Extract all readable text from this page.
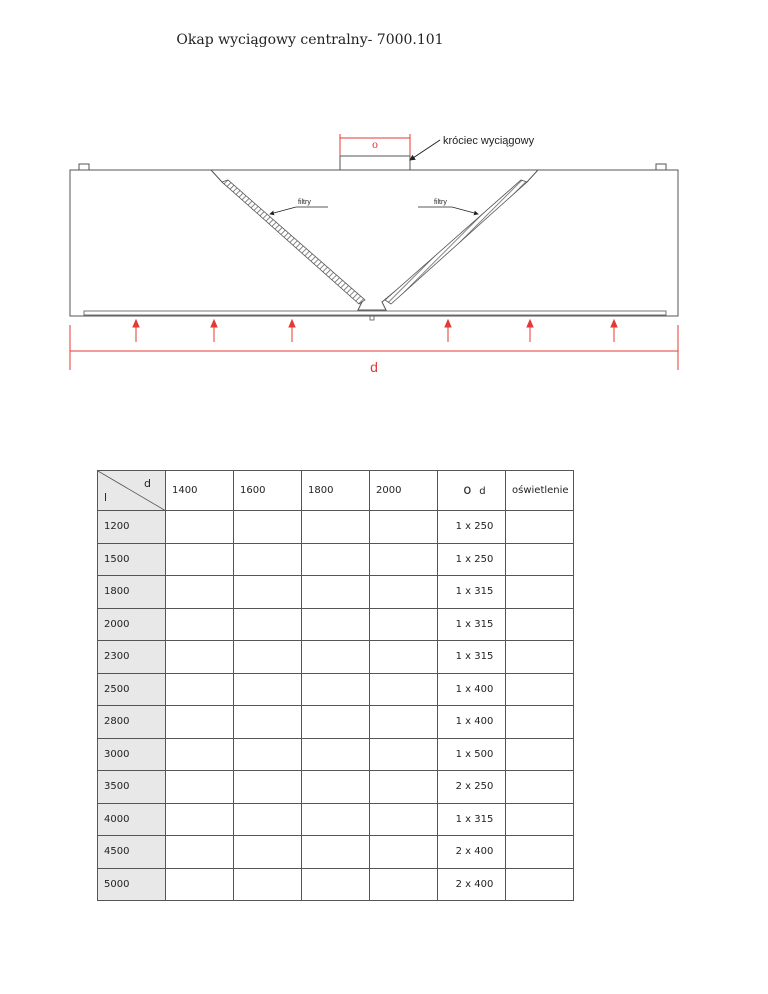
Okap wyciągowy centralny- 7000.101
o	króciec wyciągowy
filtry	filtry
d
l
d	1400	1600	1800	2000	o d	oświetlenie
1200					1 x 250	
1500					1 x 250	
1800					1 x 315	
2000					1 x 315	
2300					1 x 315	
2500					1 x 400	
2800					1 x 400	
3000					1 x 500	
3500					2 x 250	
4000					1 x 315	
4500					2 x 400	
5000					2 x 400	
